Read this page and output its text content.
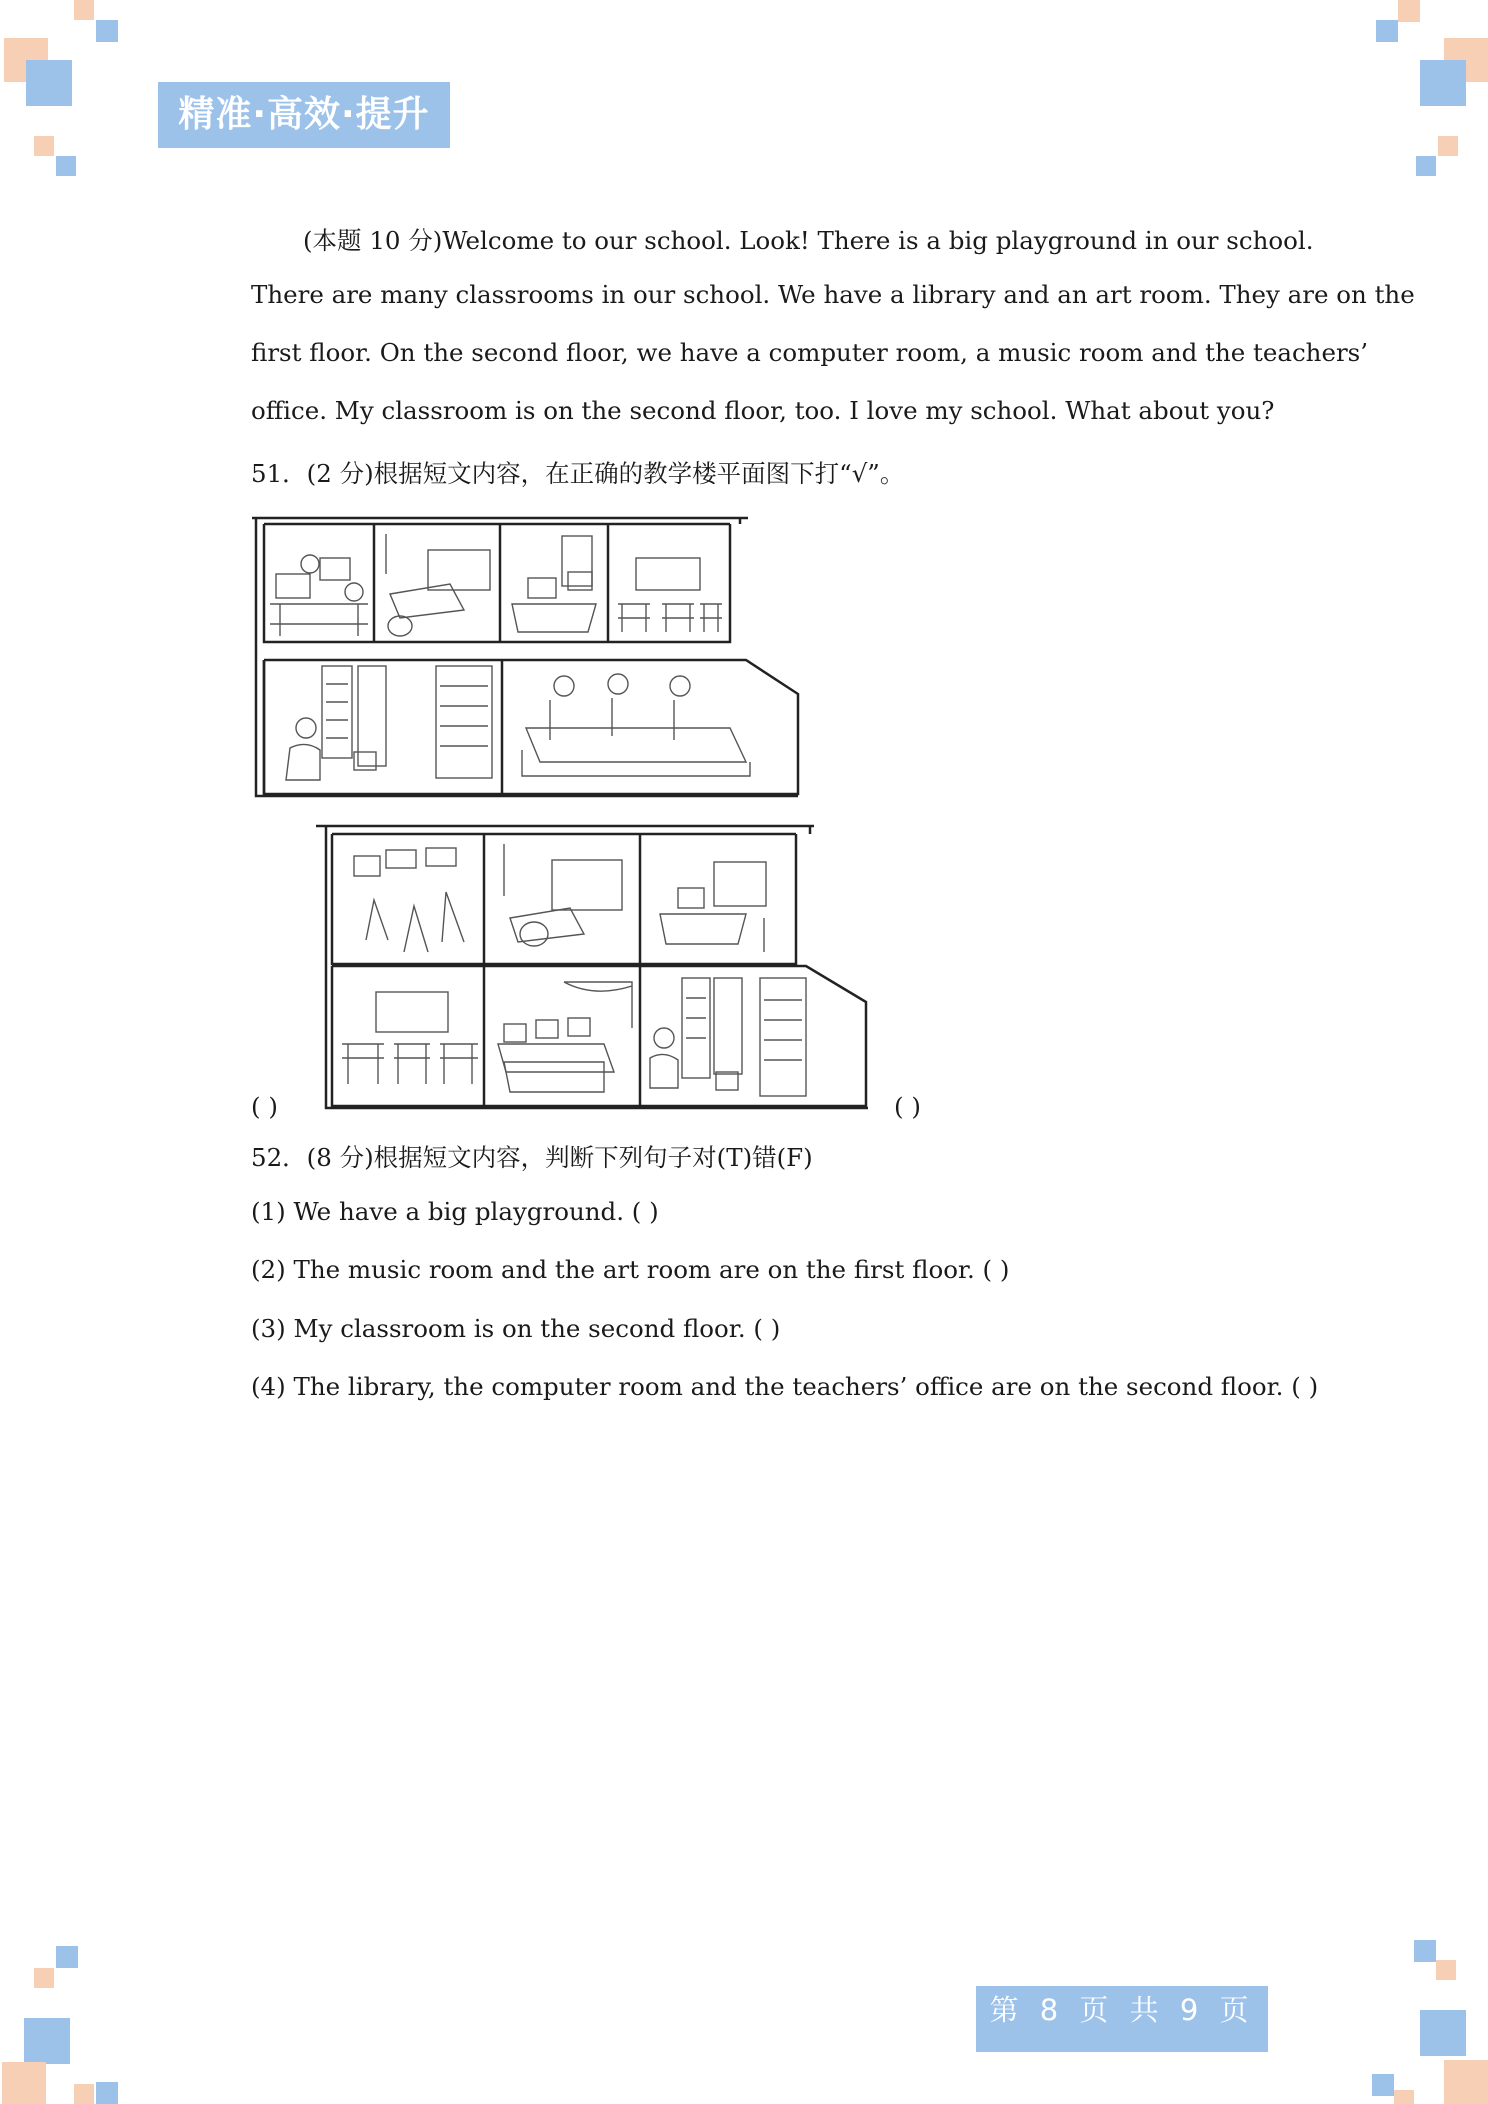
精准·高效·提升
(本题 10 分)Welcome to our school. Look! There is a big playground in our school.
There are many classrooms in our school. We have a library and an art room. They are on the
first floor. On the second floor, we have a computer room, a music room and the teachers’
office. My classroom is on the second floor, too. I love my school. What about you?
51．(2 分)根据短文内容，在正确的教学楼平面图下打“√”。
( )	( )
52．(8 分)根据短文内容，判断下列句子对(T)错(F)
(1) We have a big playground. ( )
(2) The music room and the art room are on the first floor. ( )
(3) My classroom is on the second floor. ( )
(4) The library, the computer room and the teachers’ office are on the second floor. ( )
第 8 页 共 9 页
